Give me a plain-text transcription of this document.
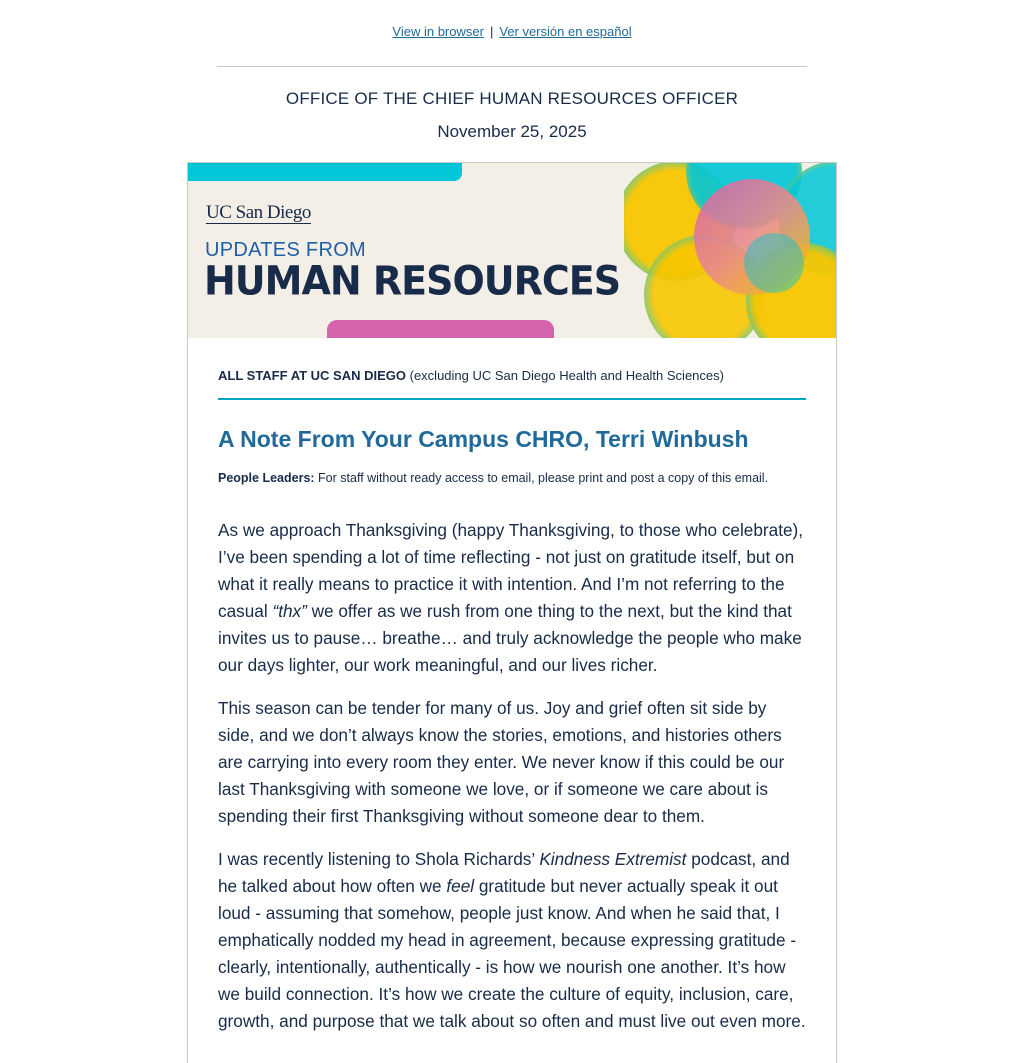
View in browser | Ver versión en español
OFFICE OF THE CHIEF HUMAN RESOURCES OFFICER
November 25, 2025
UC San Diego
UPDATES FROM
HUMAN RESOURCES
ALL STAFF AT UC SAN DIEGO (excluding UC San Diego Health and Health Sciences)
A Note From Your Campus CHRO, Terri Winbush
People Leaders: For staff without ready access to email, please print and post a copy of this email.
As we approach Thanksgiving (happy Thanksgiving, to those who celebrate), I’ve been spending a lot of time reflecting - not just on gratitude itself, but on what it really means to practice it with intention. And I’m not referring to the casual “thx” we offer as we rush from one thing to the next, but the kind that invites us to pause… breathe… and truly acknowledge the people who make our days lighter, our work meaningful, and our lives richer.
This season can be tender for many of us. Joy and grief often sit side by side, and we don’t always know the stories, emotions, and histories others are carrying into every room they enter. We never know if this could be our last Thanksgiving with someone we love, or if someone we care about is spending their first Thanksgiving without someone dear to them.
I was recently listening to Shola Richards’ Kindness Extremist podcast, and he talked about how often we feel gratitude but never actually speak it out loud - assuming that somehow, people just know. And when he said that, I emphatically nodded my head in agreement, because expressing gratitude - clearly, intentionally, authentically - is how we nourish one another. It’s how we build connection. It’s how we create the culture of equity, inclusion, care, growth, and purpose that we talk about so often and must live out even more.
